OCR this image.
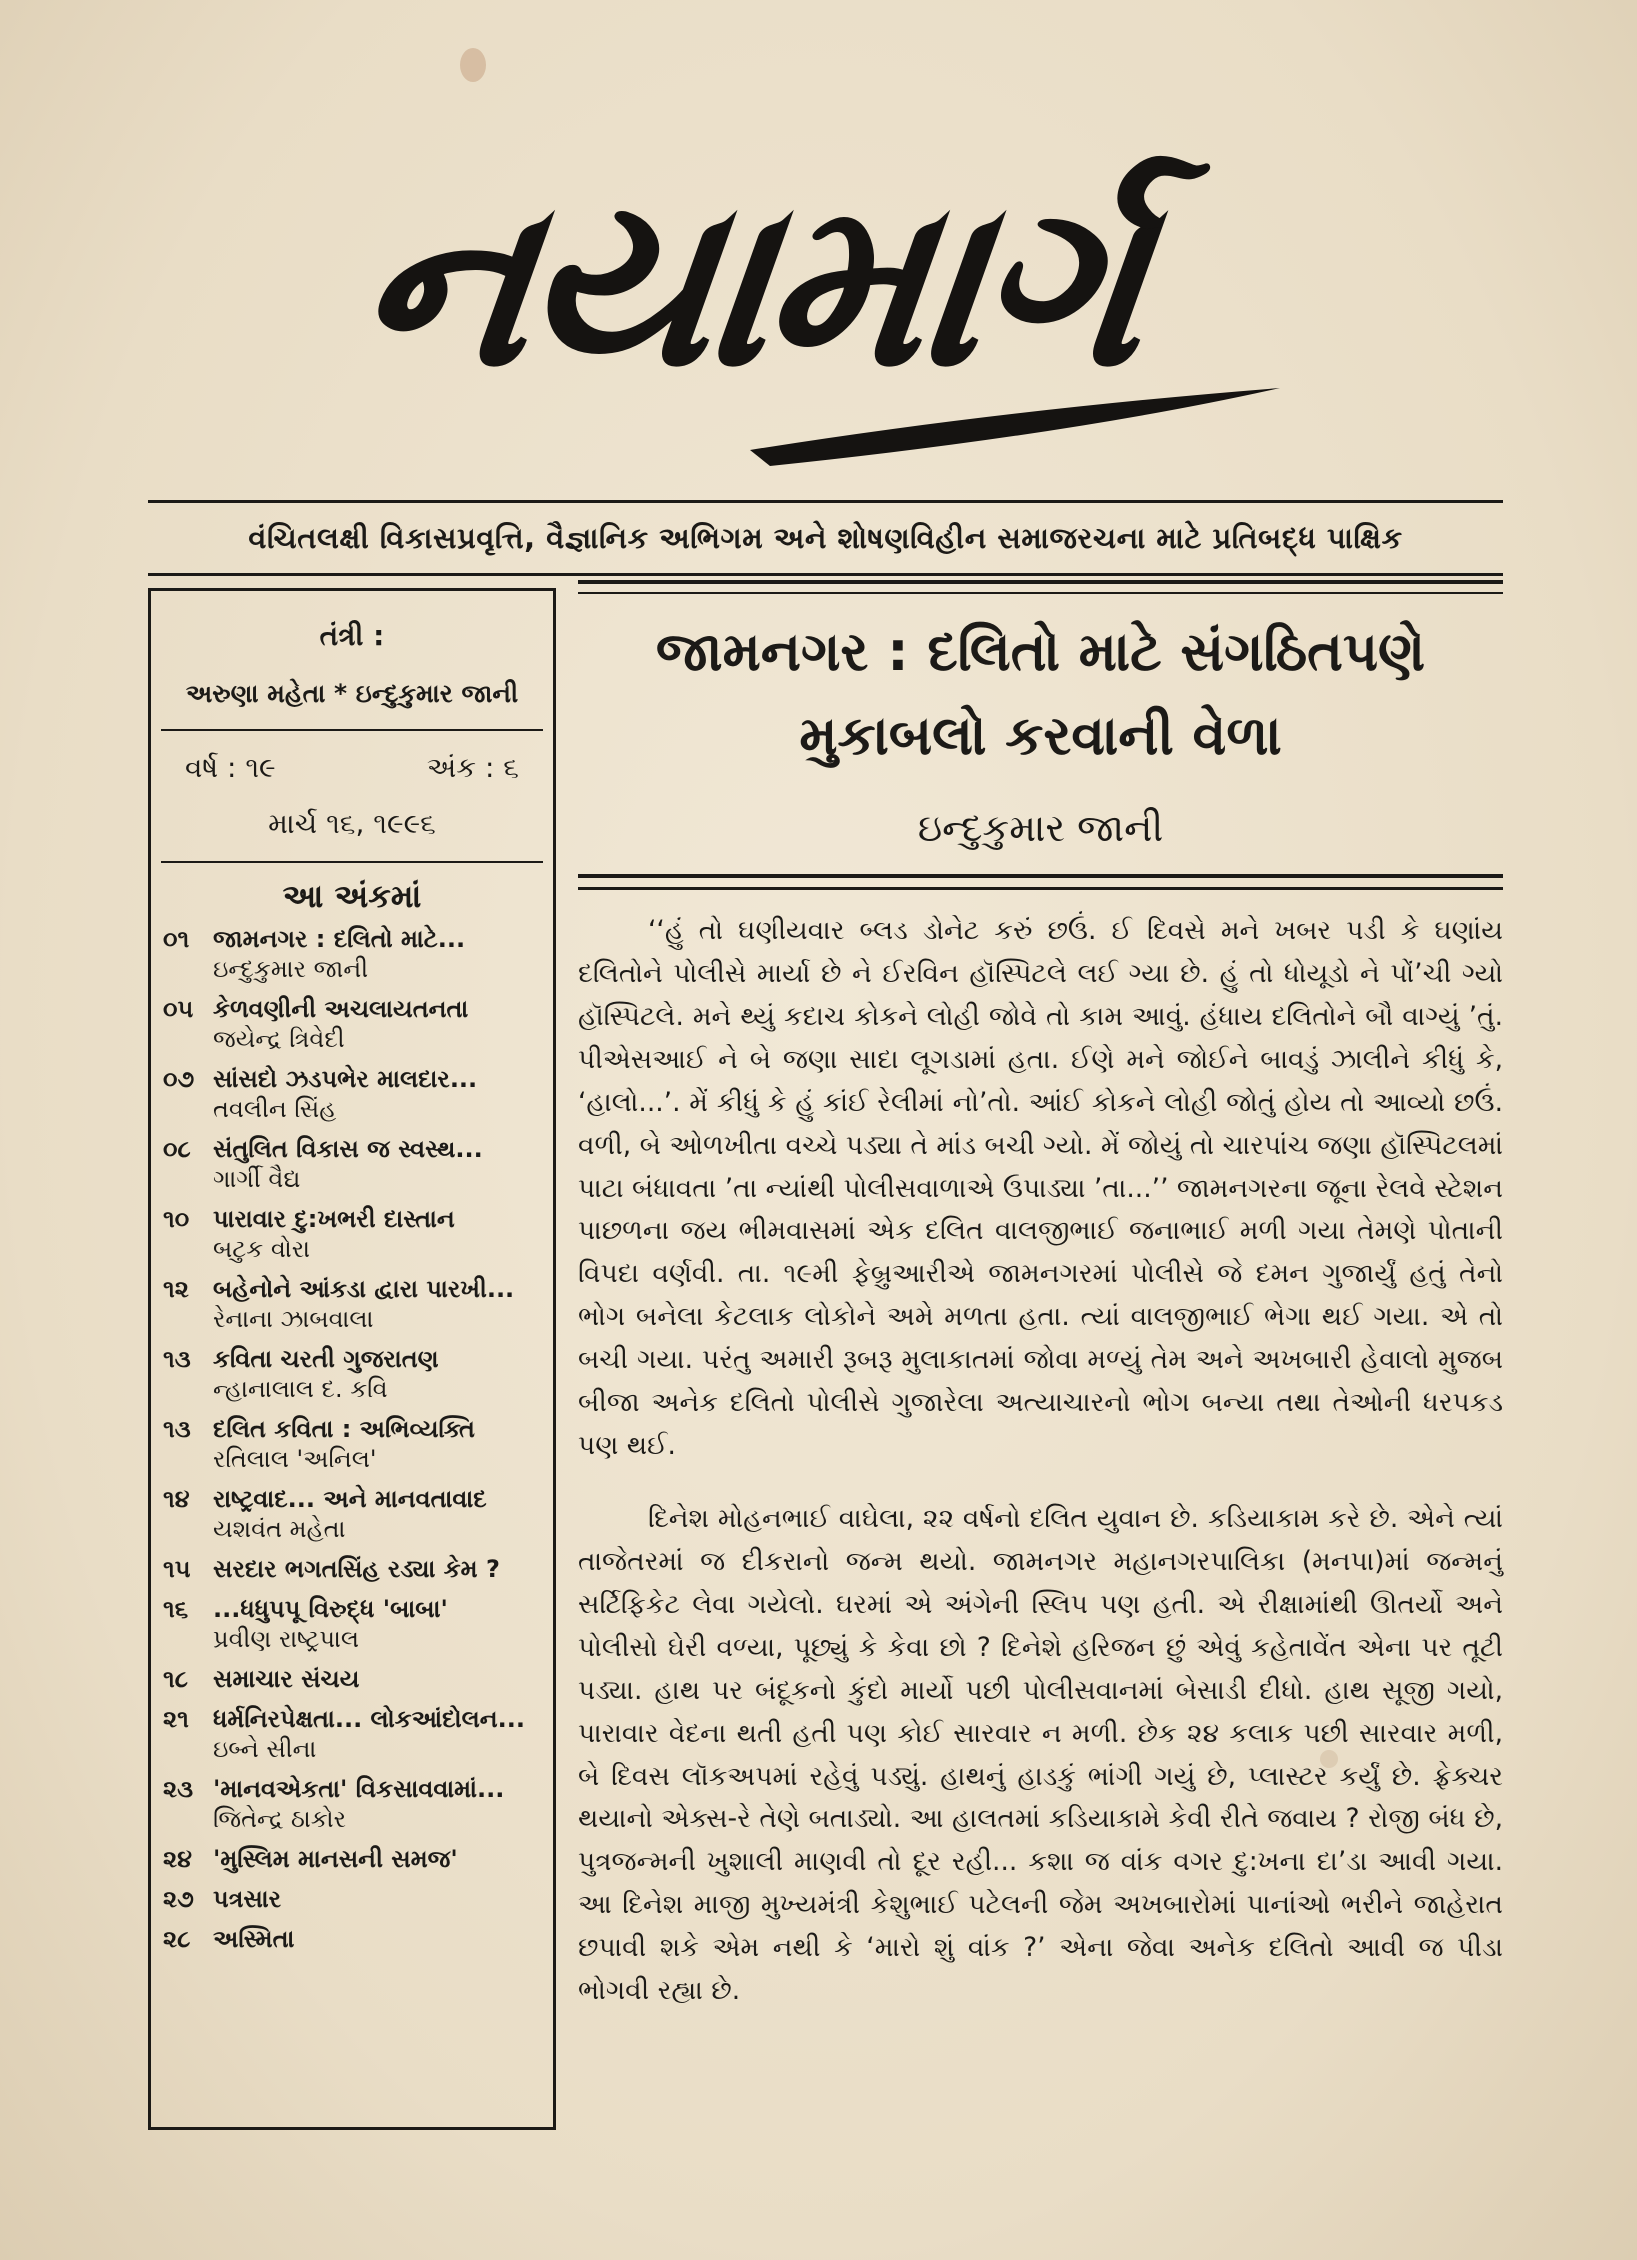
નયામાર્ગ
વંચિતલક્ષી વિકાસપ્રવૃત્તિ, વૈજ્ઞાનિક અભિગમ અને શોષણવિહીન સમાજરચના માટે પ્રતિબદ્ધ પાક્ષિક
તંત્રી :
અરુણા મહેતા * ઇન્દુકુમાર જાની
વર્ષ : ૧૯	અંક : ૬
માર્ચ ૧૬, ૧૯૯૬
આ અંકમાં
૦૧ જામનગર : દલિતો માટે...
ઇન્દુકુમાર જાની
૦૫ કેળવણીની અચલાયતનતા
જયેન્દ્ર ત્રિવેદી
૦૭ સાંસદો ઝડપભેર માલદાર...
તવલીન સિંહ
૦૮ સંતુલિત વિકાસ જ સ્વસ્થ...
ગાર્ગી વૈદ્ય
૧૦ પારાવાર દુ:ખભરી દાસ્તાન
બટુક વોરા
૧૨	બહેનોને આંકડા દ્વારા પારખી...
રેનાના ઝાબવાલા
૧૩ કવિતા ચરતી ગુજરાતણ
ન્હાનાલાલ દ. કવિ
૧૩ દલિત કવિતા : અભિવ્યક્તિ
રતિલાલ 'અનિલ'
૧૪ રાષ્ટ્રવાદ... અને માનવતાવાદ
યશવંત મહેતા
૧૫ સરદાર ભગતસિંહ રડ્યા કેમ ?
૧૬	...ધધુપપૂ વિરુદ્ધ 'બાબા'
પ્રવીણ રાષ્ટ્રપાલ
૧૮	સમાચાર સંચય
૨૧	ધર્મનિરપેક્ષતા... લોકઆંદોલન...
ઇબ્ને સીના
૨૩ 'માનવએકતા' વિકસાવવામાં...
જિતેન્દ્ર ઠાકોર
૨૪ 'મુસ્લિમ માનસની સમજ'
૨૭ પત્રસાર
૨૮ અસ્મિતા
જામનગર : દલિતો માટે સંગઠિતપણે
મુકાબલો કરવાની વેળા
ઇન્દુકુમાર જાની

‘‘હું તો ઘણીયવાર બ્લડ ડોનેટ કરું છઉં. ઈ દિવસે મને ખબર પડી કે ઘણાંય દલિતોને પોલીસે માર્યા છે ને ઈરવિન હૉસ્પિટલે લઈ ગ્યા છે. હું તો ધોયૂડો ને પોં’ચી ગ્યો હૉસ્પિટલે. મને થ્યું કદાચ કોકને લોહી જોવે તો કામ આવું. હંધાય દલિતોને બૌ વાગ્યું ’તું. પીએસઆઈ ને બે જણા સાદા લૂગડામાં હતા. ઈણે મને જોઈને બાવડું ઝાલીને કીધું કે, ‘હાલો...’. મેં કીધું કે હું કાંઈ રેલીમાં નો’તો. આંઈ કોકને લોહી જોતું હોય તો આવ્યો છઉં. વળી, બે ઓળખીતા વચ્ચે પડ્યા તે માંડ બચી ગ્યો. મેં જોયું તો ચારપાંચ જણા હૉસ્પિટલમાં પાટા બંધાવતા ’તા ન્યાંથી પોલીસવાળાએ ઉપાડ્યા ’તા...’’ જામનગરના જૂના રેલવે સ્ટેશન પાછળના જય ભીમવાસમાં એક દલિત વાલજીભાઈ જનાભાઈ મળી ગયા તેમણે પોતાની વિપદા વર્ણવી. તા. ૧૯મી ફેબ્રુઆરીએ જામનગરમાં પોલીસે જે દમન ગુજાર્યું હતું તેનો ભોગ બનેલા કેટલાક લોકોને અમે મળતા હતા. ત્યાં વાલજીભાઈ ભેગા થઈ ગયા. એ તો બચી ગયા. પરંતુ અમારી રૂબરૂ મુલાકાતમાં જોવા મળ્યું તેમ અને અખબારી હેવાલો મુજબ બીજા અનેક દલિતો પોલીસે ગુજારેલા અત્યાચારનો ભોગ બન્યા તથા તેઓની ધરપકડ પણ થઈ.

દિનેશ મોહનભાઈ વાઘેલા, ૨૨ વર્ષનો દલિત યુવાન છે. કડિયાકામ કરે છે. એને ત્યાં તાજેતરમાં જ દીકરાનો જન્મ થયો. જામનગર મહાનગરપાલિકા (મનપા)માં જન્મનું સર્ટિફિકેટ લેવા ગયેલો. ઘરમાં એ અંગેની સ્લિપ પણ હતી. એ રીક્ષામાંથી ઊતર્યો અને પોલીસો ઘેરી વળ્યા, પૂછ્યું કે કેવા છો ? દિનેશે હરિજન છું એવું કહેતાવેંત એના પર તૂટી પડ્યા. હાથ પર બંદૂકનો કુંદો માર્યો પછી પોલીસવાનમાં બેસાડી દીધો. હાથ સૂજી ગયો, પારાવાર વેદના થતી હતી પણ કોઈ સારવાર ન મળી. છેક ૨૪ કલાક પછી સારવાર મળી, બે દિવસ લૉકઅપમાં રહેવું પડ્યું. હાથનું હાડકું ભાંગી ગયું છે, પ્લાસ્ટર કર્યું છે. ફ્રેક્ચર થયાનો એક્સ-રે તેણે બતાડ્યો. આ હાલતમાં કડિયાકામે કેવી રીતે જવાય ? રોજી બંધ છે, પુત્રજન્મની ખુશાલી માણવી તો દૂર રહી... કશા જ વાંક વગર દુ:ખના દા’ડા આવી ગયા. આ દિનેશ માજી મુખ્યમંત્રી કેશુભાઈ પટેલની જેમ અખબારોમાં પાનાંઓ ભરીને જાહેરાત છપાવી શકે એમ નથી કે ‘મારો શું વાંક ?’ એના જેવા અનેક દલિતો આવી જ પીડા ભોગવી રહ્યા છે.
